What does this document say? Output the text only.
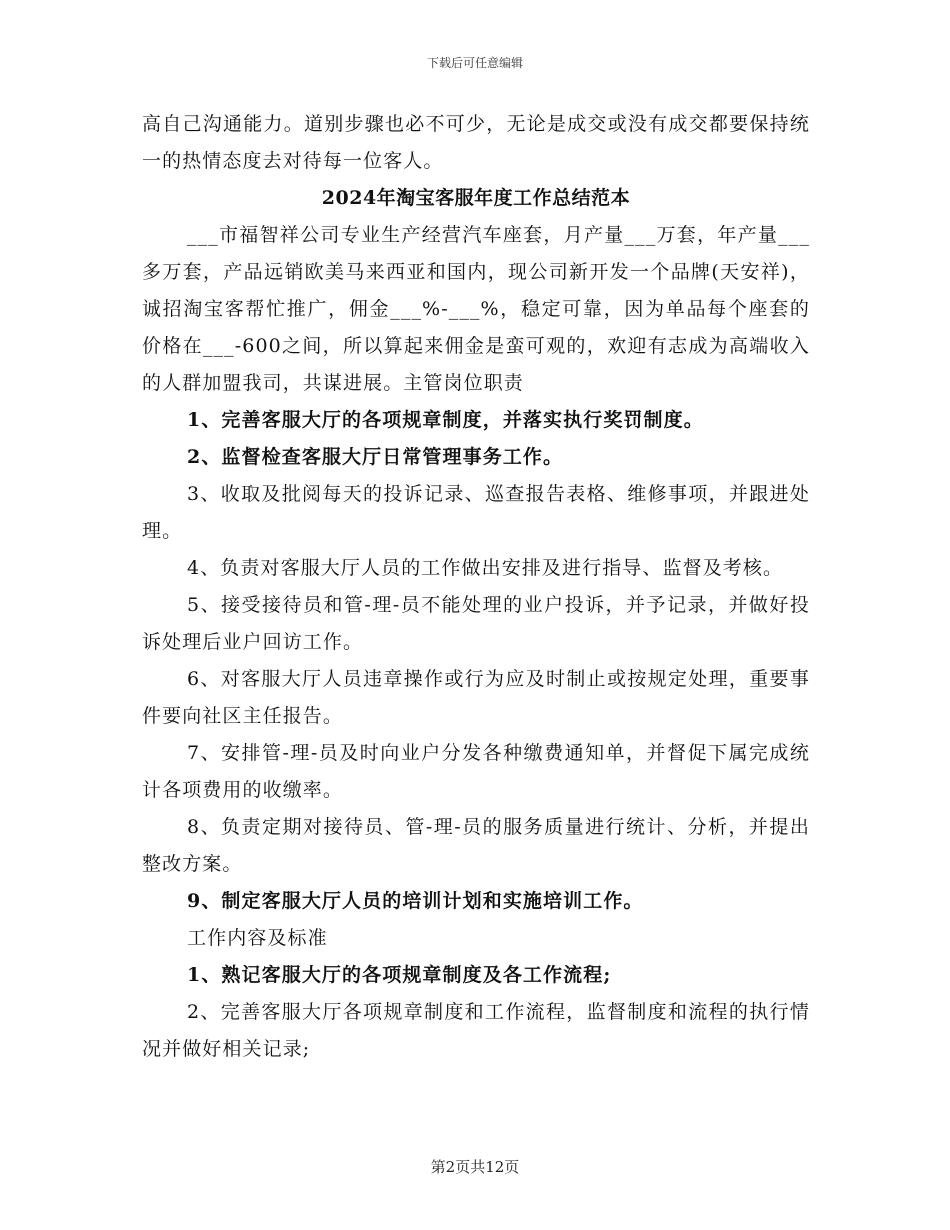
下载后可任意编辑

高自己沟通能力。道别步骤也必不可少，无论是成交或没有成交都要保持统一的热情态度去对待每一位客人。

2024年淘宝客服年度工作总结范本

___市福智祥公司专业生产经营汽车座套，月产量___万套，年产量___多万套，产品远销欧美马来西亚和国内，现公司新开发一个品牌(天安祥)，诚招淘宝客帮忙推广，佣金___%-___%，稳定可靠，因为单品每个座套的价格在___-600之间，所以算起来佣金是蛮可观的，欢迎有志成为高端收入的人群加盟我司，共谋进展。主管岗位职责

1、完善客服大厅的各项规章制度，并落实执行奖罚制度。

2、监督检查客服大厅日常管理事务工作。

3、收取及批阅每天的投诉记录、巡查报告表格、维修事项，并跟进处理。

4、负责对客服大厅人员的工作做出安排及进行指导、监督及考核。

5、接受接待员和管-理-员不能处理的业户投诉，并予记录，并做好投诉处理后业户回访工作。

6、对客服大厅人员违章操作或行为应及时制止或按规定处理，重要事件要向社区主任报告。

7、安排管-理-员及时向业户分发各种缴费通知单，并督促下属完成统计各项费用的收缴率。

8、负责定期对接待员、管-理-员的服务质量进行统计、分析，并提出整改方案。

9、制定客服大厅人员的培训计划和实施培训工作。

工作内容及标准

1、熟记客服大厅的各项规章制度及各工作流程;

2、完善客服大厅各项规章制度和工作流程，监督制度和流程的执行情况并做好相关记录;

第2页共12页
